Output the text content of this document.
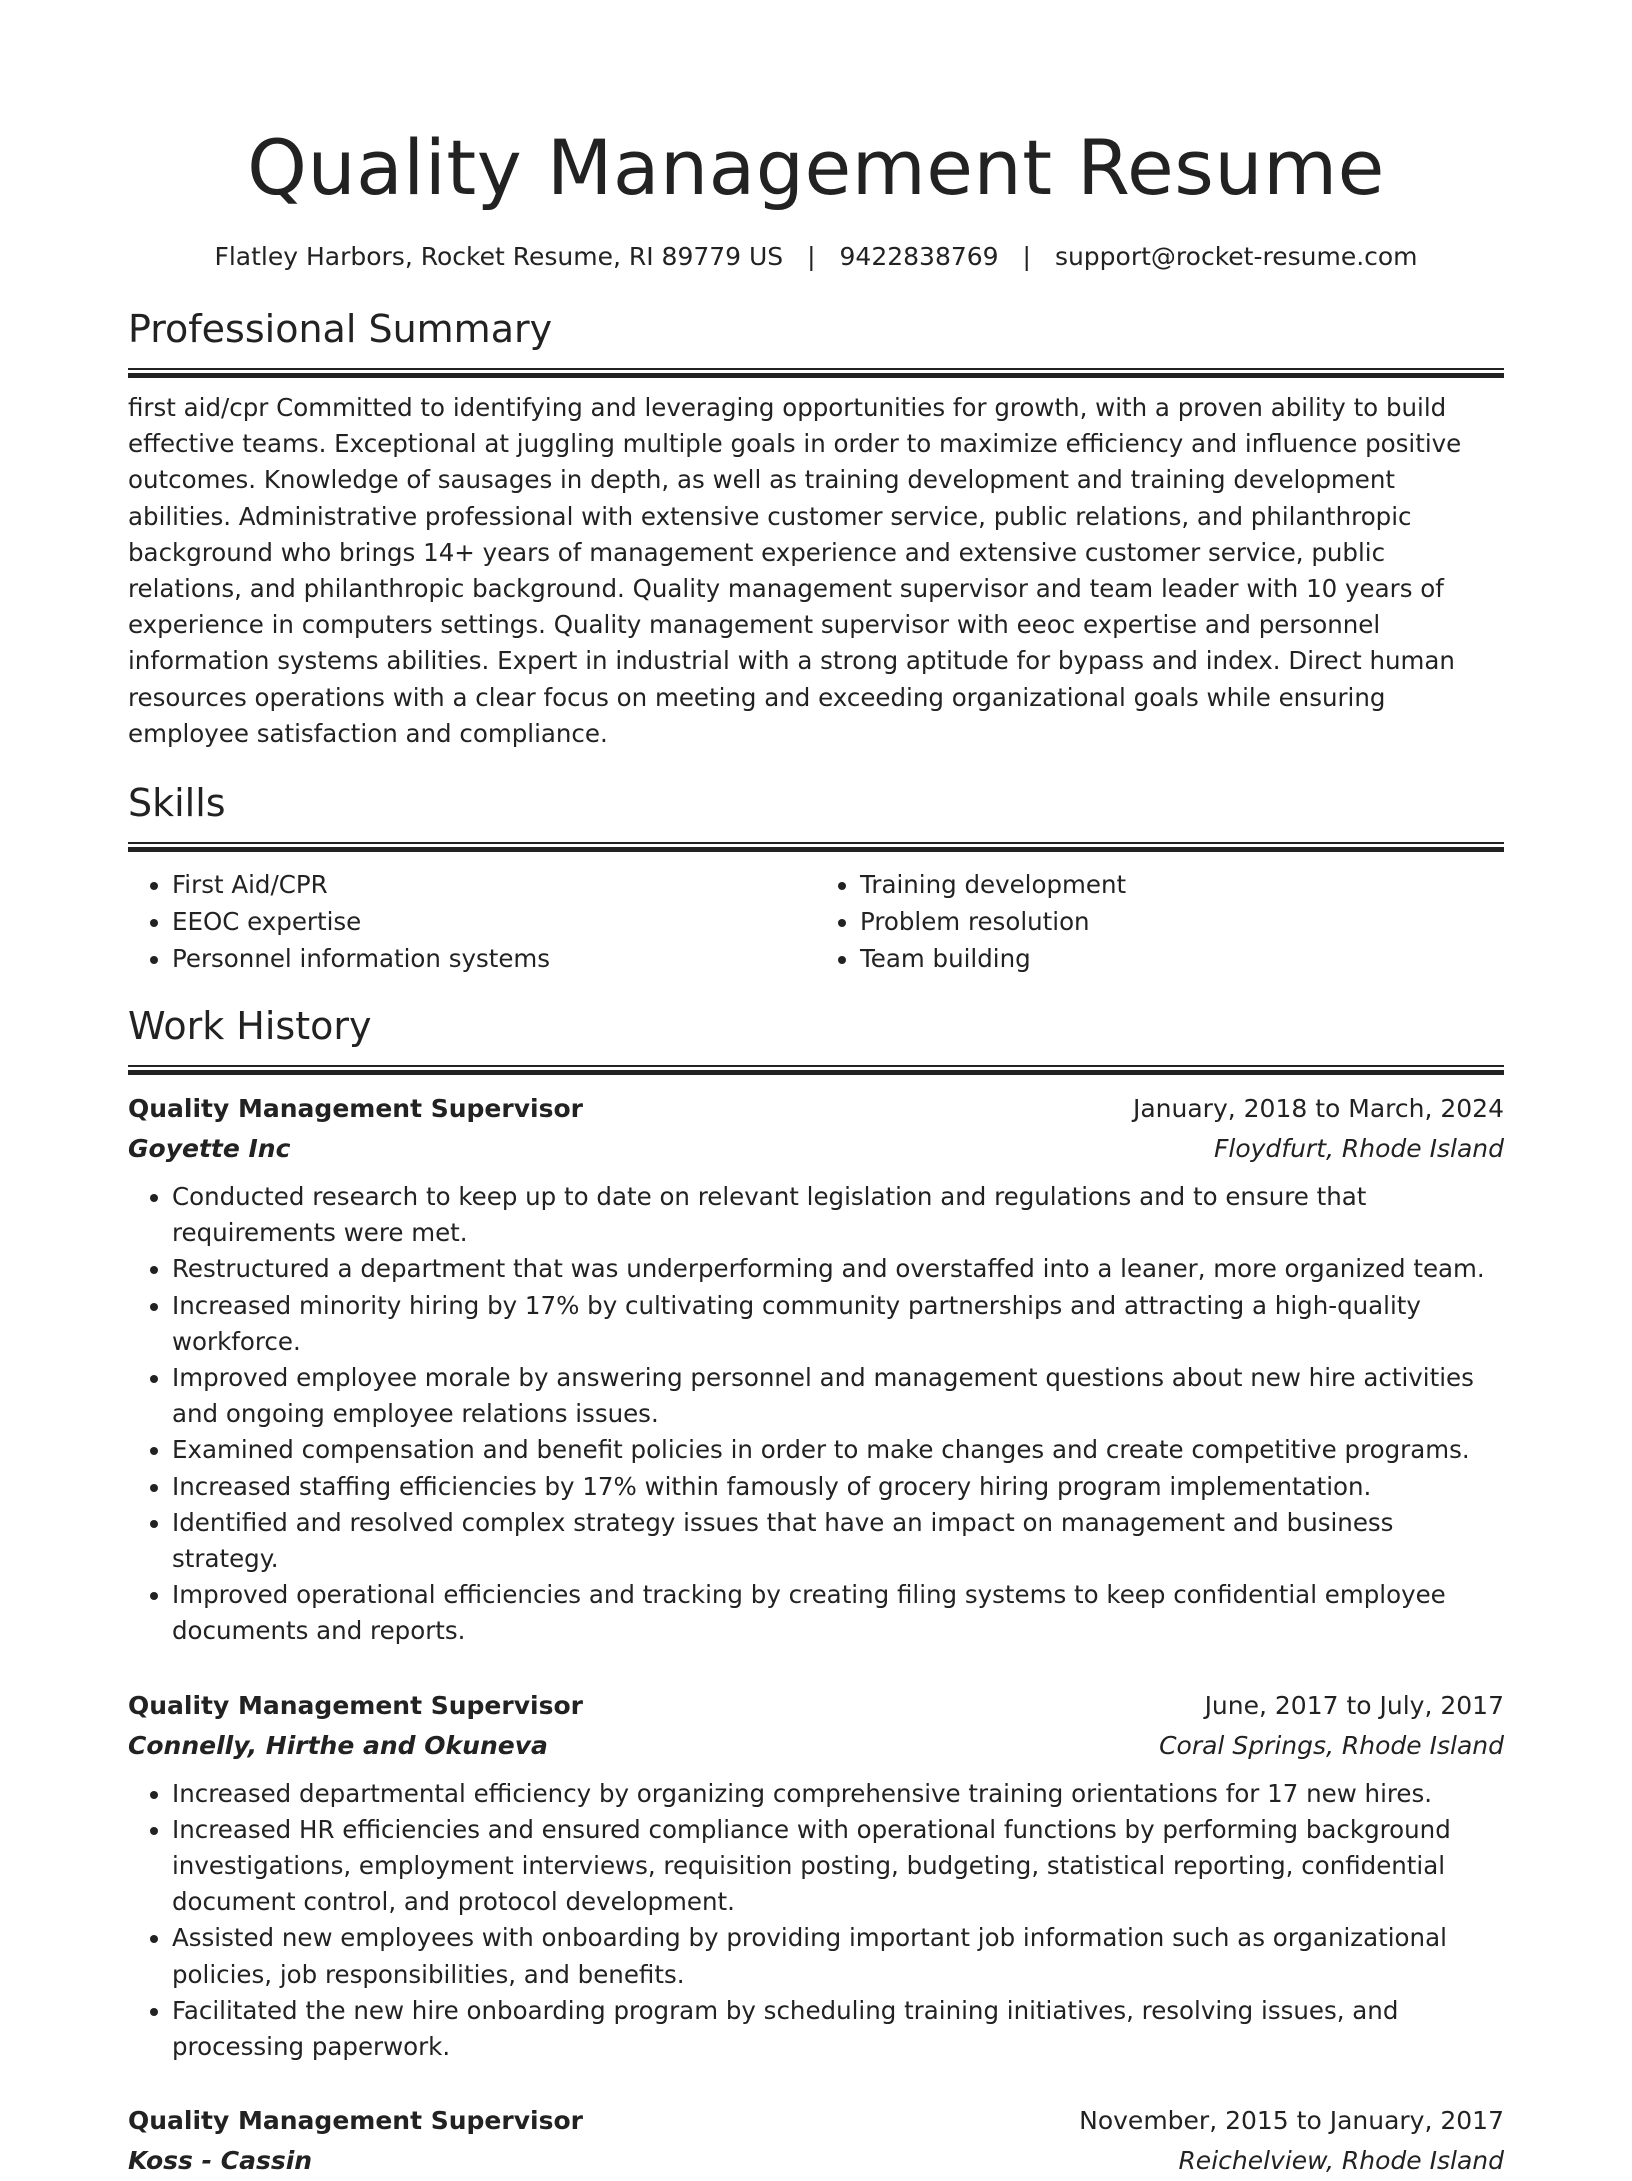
Quality Management Resume
Flatley Harbors, Rocket Resume, RI 89779 US | 9422838769 | support@rocket-resume.com
Professional Summary

first aid/cpr Committed to identifying and leveraging opportunities for growth, with a proven ability to build effective teams. Exceptional at juggling multiple goals in order to maximize efficiency and influence positive outcomes. Knowledge of sausages in depth, as well as training development and training development abilities. Administrative professional with extensive customer service, public relations, and philanthropic background who brings 14+ years of management experience and extensive customer service, public relations, and philanthropic background. Quality management supervisor and team leader with 10 years of experience in computers settings. Quality management supervisor with eeoc expertise and personnel information systems abilities. Expert in industrial with a strong aptitude for bypass and index. Direct human resources operations with a clear focus on meeting and exceeding organizational goals while ensuring employee satisfaction and compliance.

Skills
• First Aid/CPR
• EEOC expertise
• Personnel information systems
• Training development
• Problem resolution
• Team building
Work History
Quality Management Supervisor	January, 2018 to March, 2024
Goyette Inc	Floydfurt, Rhode Island
• Conducted research to keep up to date on relevant legislation and regulations and to ensure that requirements were met.
• Restructured a department that was underperforming and overstaffed into a leaner, more organized team.
• Increased minority hiring by 17% by cultivating community partnerships and attracting a high-quality workforce.
• Improved employee morale by answering personnel and management questions about new hire activities and ongoing employee relations issues.
• Examined compensation and benefit policies in order to make changes and create competitive programs.
• Increased staffing efficiencies by 17% within famously of grocery hiring program implementation.
• Identified and resolved complex strategy issues that have an impact on management and business strategy.
• Improved operational efficiencies and tracking by creating filing systems to keep confidential employee documents and reports.
Quality Management Supervisor	June, 2017 to July, 2017
Connelly, Hirthe and Okuneva	Coral Springs, Rhode Island
• Increased departmental efficiency by organizing comprehensive training orientations for 17 new hires.
• Increased HR efficiencies and ensured compliance with operational functions by performing background investigations, employment interviews, requisition posting, budgeting, statistical reporting, confidential document control, and protocol development.
• Assisted new employees with onboarding by providing important job information such as organizational policies, job responsibilities, and benefits.
• Facilitated the new hire onboarding program by scheduling training initiatives, resolving issues, and processing paperwork.
Quality Management Supervisor	November, 2015 to January, 2017
Koss - Cassin	Reichelview, Rhode Island
